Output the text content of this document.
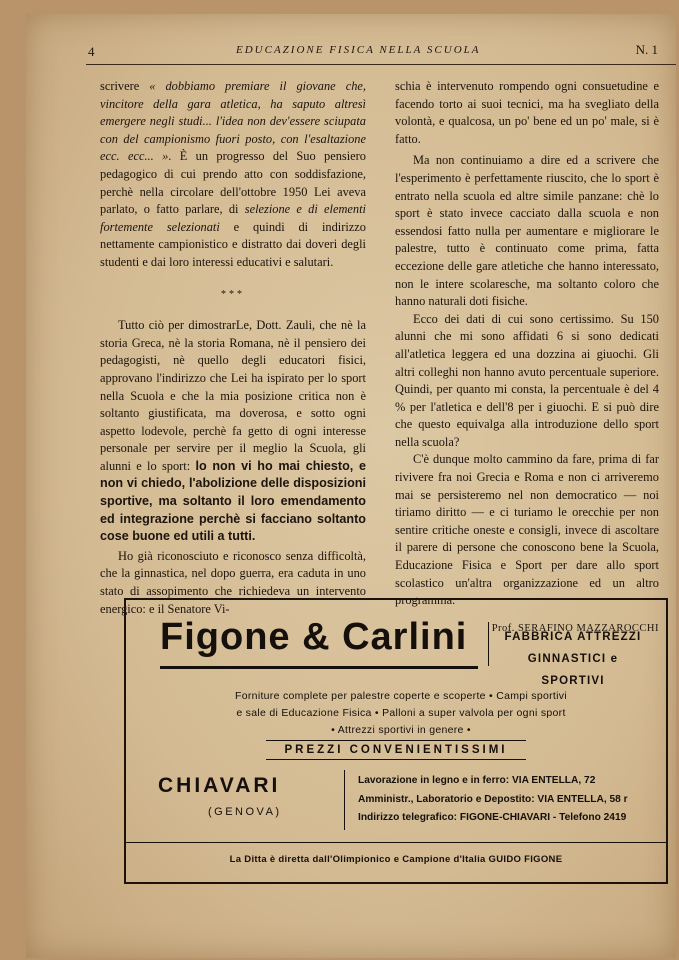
4	EDUCAZIONE FISICA NELLA SCUOLA	N. 1

scrivere « dobbiamo premiare il giovane che, vincitore della gara atletica, ha saputo altresì emergere negli studi... l'idea non dev'essere sciupata con del campionismo fuori posto, con l'esaltazione ecc. ecc... ». È un progresso del Suo pensiero pedagogico di cui prendo atto con soddisfazione, perchè nella circolare dell'ottobre 1950 Lei aveva parlato, o fatto parlare, di selezione e di elementi fortemente selezionati e quindi di indirizzo nettamente campionistico e distratto dai doveri degli studenti e dai loro interessi educativi e salutari.

***

Tutto ciò per dimostrarLe, Dott. Zauli, che nè la storia Greca, nè la storia Romana, nè il pensiero dei pedagogisti, nè quello degli educatori fisici, approvano l'indirizzo che Lei ha ispirato per lo sport nella Scuola e che la mia posizione critica non è soltanto giustificata, ma doverosa, e sotto ogni aspetto lodevole, perchè fa getto di ogni interesse personale per servire per il meglio la Scuola, gli alunni e lo sport: lo non vi ho mai chiesto, e non vi chiedo, l'abolizione delle disposizioni sportive, ma soltanto il loro emendamento ed integrazione perchè si facciano soltanto cose buone ed utili a tutti.

Ho già riconosciuto e riconosco senza difficoltà, che la ginnastica, nel dopo guerra, era caduta in uno stato di assopimento che richiedeva un intervento energico: e il Senatore Vi-

schia è intervenuto rompendo ogni consuetudine e facendo torto ai suoi tecnici, ma ha svegliato della volontà, e qualcosa, un po' bene ed un po' male, si è fatto.

Ma non continuiamo a dire ed a scrivere che l'esperimento è perfettamente riuscito, che lo sport è entrato nella scuola ed altre simile panzane: chè lo sport è stato invece cacciato dalla scuola e non essendosi fatto nulla per aumentare e migliorare le palestre, tutto è continuato come prima, fatta eccezione delle gare atletiche che hanno interessato, non le intere scolaresche, ma soltanto coloro che hanno naturali doti fisiche.

Ecco dei dati di cui sono certissimo. Su 150 alunni che mi sono affidati 6 si sono dedicati all'atletica leggera ed una dozzina ai giuochi. Gli altri colleghi non hanno avuto percentuale superiore. Quindi, per quanto mi consta, la percentuale è del 4 % per l'atletica e dell'8 per i giuochi. E si può dire che questo equivalga alla introduzione dello sport nella scuola?

C'è dunque molto cammino da fare, prima di far rivivere fra noi Grecia e Roma e non ci arriveremo mai se persisteremo nel non democratico — noi tiriamo diritto — e ci turiamo le orecchie per non sentire critiche oneste e consigli, invece di ascoltare il parere di persone che conoscono bene la Scuola, Educazione Fisica e Sport per dare allo sport scolastico un'altra organizzazione ed un altro programma.

Prof. SERAFINO MAZZAROCCHI
Figone & Carlini	FABBRICA ATTREZZI
GINNASTICI e SPORTIVI
Forniture complete per palestre coperte e scoperte • Campi sportivi
e sale di Educazione Fisica • Palloni a super valvola per ogni sport
• Attrezzi sportivi in genere •
PREZZI CONVENIENTISSIMI
CHIAVARI
(GENOVA)
Lavorazione in legno e in ferro: VIA ENTELLA, 72
Amministr., Laboratorio e Depostito: VIA ENTELLA, 58 r
Indirizzo telegrafico: FIGONE-CHIAVARI - Telefono 2419
La Ditta è diretta dall'Olimpionico e Campione d'Italia GUIDO FIGONE
